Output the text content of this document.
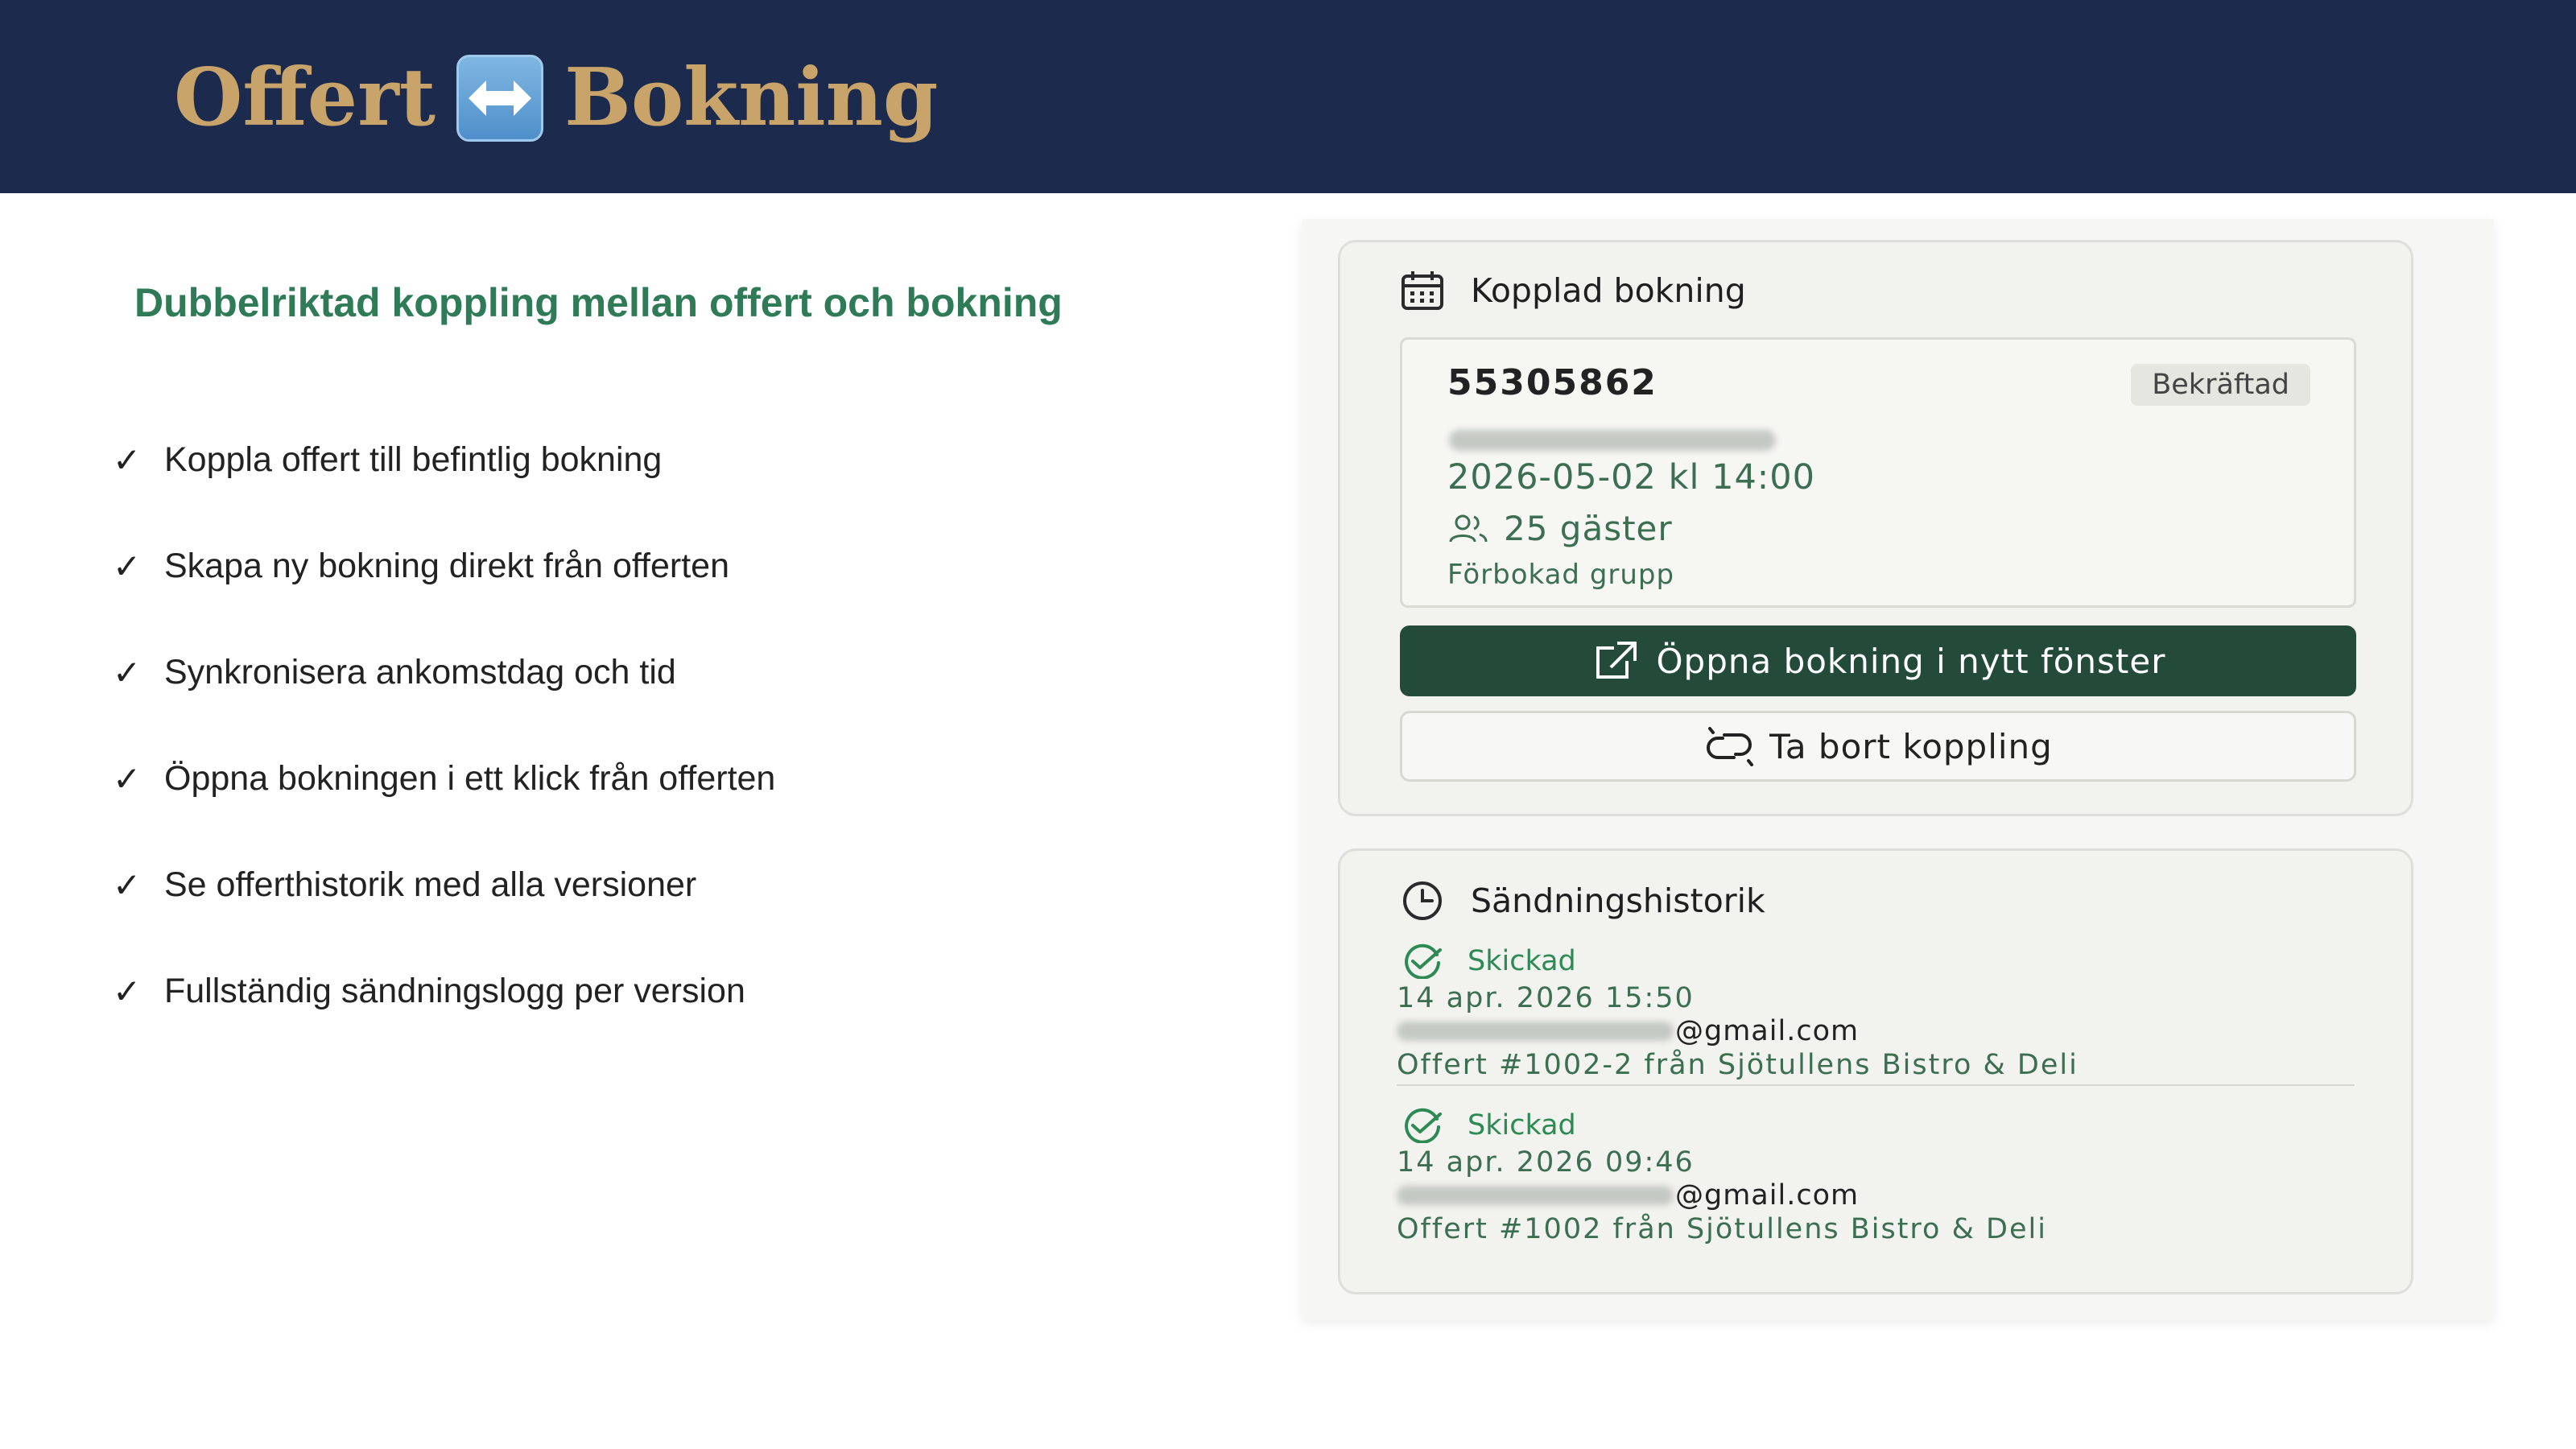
Offert Bokning
Dubbelriktad koppling mellan offert och bokning
✓ Koppla offert till befintlig bokning
✓ Skapa ny bokning direkt från offerten
✓ Synkronisera ankomstdag och tid
✓ Öppna bokningen i ett klick från offerten
✓ Se offerthistorik med alla versioner
✓ Fullständig sändningslogg per version
Kopplad bokning
55305862	Bekräftad
2026-05-02 kl 14:00
25 gäster
Förbokad grupp
Öppna bokning i nytt fönster
Ta bort koppling
Sändningshistorik
Skickad
14 apr. 2026 15:50
@gmail.com
Offert #1002-2 från Sjötullens Bistro & Deli
Skickad
14 apr. 2026 09:46
@gmail.com
Offert #1002 från Sjötullens Bistro & Deli
